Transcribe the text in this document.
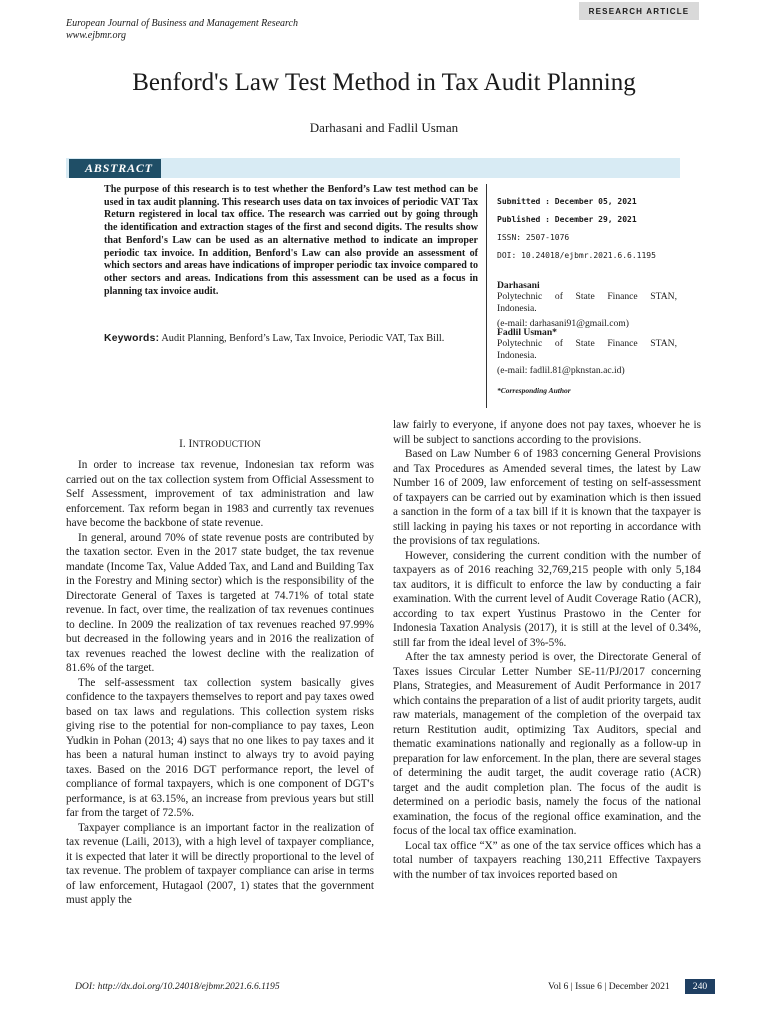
European Journal of Business and Management Research
www.ejbmr.org
RESEARCH ARTICLE
Benford's Law Test Method in Tax Audit Planning
Darhasani and Fadlil Usman
ABSTRACT
The purpose of this research is to test whether the Benford’s Law test method can be used in tax audit planning. This research uses data on tax invoices of periodic VAT Tax Return registered in local tax office. The research was carried out by going through the identification and extraction stages of the first and second digits. The results show that Benford's Law can be used as an alternative method to indicate an improper periodic tax invoice. In addition, Benford's Law can also provide an assessment of which sectors and areas have indications of improper periodic tax invoice compared to other sectors and areas. Indications from this assessment can be used as a focus in planning tax invoice audit.
Keywords: Audit Planning, Benford’s Law, Tax Invoice, Periodic VAT, Tax Bill.
Submitted : December 05, 2021
Published : December 29, 2021
ISSN: 2507-1076
DOI: 10.24018/ejbmr.2021.6.6.1195
Darhasani
Polytechnic of State Finance STAN, Indonesia.
(e-mail: darhasani91@gmail.com)
Fadlil Usman*
Polytechnic of State Finance STAN, Indonesia.
(e-mail: fadlil.81@pknstan.ac.id)
*Corresponding Author
I. INTRODUCTION

In order to increase tax revenue, Indonesian tax reform was carried out on the tax collection system from Official Assessment to Self Assessment, improvement of tax administration and law enforcement. Tax reform began in 1983 and currently tax revenues have become the backbone of state revenue.

In general, around 70% of state revenue posts are contributed by the taxation sector. Even in the 2017 state budget, the tax revenue mandate (Income Tax, Value Added Tax, and Land and Building Tax in the Forestry and Mining sector) which is the responsibility of the Directorate General of Taxes is targeted at 74.71% of total state revenue. In fact, over time, the realization of tax revenues continues to decline. In 2009 the realization of tax revenues reached 97.99% but decreased in the following years and in 2016 the realization of tax revenues reached the lowest decline with the realization of 81.6% of the target.

The self-assessment tax collection system basically gives confidence to the taxpayers themselves to report and pay taxes owed based on tax laws and regulations. This collection system risks giving rise to the potential for non-compliance to pay taxes, Leon Yudkin in Pohan (2013; 4) says that no one likes to pay taxes and it has been a natural human instinct to always try to avoid paying taxes. Based on the 2016 DGT performance report, the level of compliance of formal taxpayers, which is one component of DGT's performance, is at 63.15%, an increase from previous years but still far from the target of 72.5%.

Taxpayer compliance is an important factor in the realization of tax revenue (Laili, 2013), with a high level of taxpayer compliance, it is expected that later it will be directly proportional to the level of tax revenue. The problem of taxpayer compliance can arise in terms of law enforcement, Hutagaol (2007, 1) states that the government must apply the

law fairly to everyone, if anyone does not pay taxes, whoever he is will be subject to sanctions according to the provisions.

Based on Law Number 6 of 1983 concerning General Provisions and Tax Procedures as Amended several times, the latest by Law Number 16 of 2009, law enforcement of testing on self-assessment of taxpayers can be carried out by examination which is then issued a sanction in the form of a tax bill if it is known that the taxpayer is still lacking in paying his taxes or not reporting in accordance with the provisions of tax regulations.

However, considering the current condition with the number of taxpayers as of 2016 reaching 32,769,215 people with only 5,184 tax auditors, it is difficult to enforce the law by conducting a fair examination. With the current level of Audit Coverage Ratio (ACR), according to tax expert Yustinus Prastowo in the Center for Indonesia Taxation Analysis (2017), it is still at the level of 0.34%, still far from the ideal level of 3%-5%.

After the tax amnesty period is over, the Directorate General of Taxes issues Circular Letter Number SE-11/PJ/2017 concerning Plans, Strategies, and Measurement of Audit Performance in 2017 which contains the preparation of a list of audit priority targets, audit raw materials, management of the completion of the overpaid tax return Restitution audit, optimizing Tax Auditors, special and thematic examinations nationally and regionally as a follow-up in preparation for law enforcement. In the plan, there are several stages of determining the audit target, the audit coverage ratio (ACR) target and the audit completion plan. The focus of the audit is determined on a periodic basis, namely the focus of the national examination, the focus of the regional office examination, and the focus of the local tax office examination.

Local tax office “X” as one of the tax service offices which has a total number of taxpayers reaching 130,211 Effective Taxpayers with the number of tax invoices reported based on

DOI: http://dx.doi.org/10.24018/ejbmr.2021.6.6.1195	Vol 6 | Issue 6 | December 2021	240
